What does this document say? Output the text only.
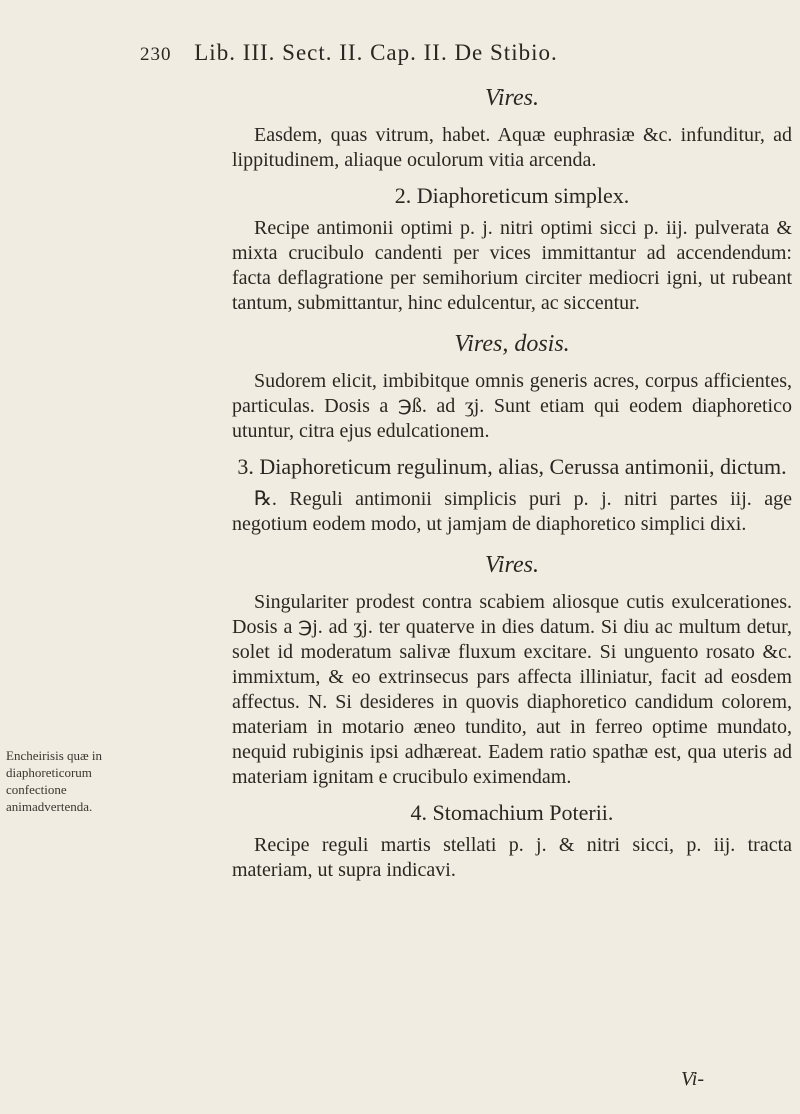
230 Lib. III. Sect. II. Cap. II. De Stibio.
Vires.

Easdem, quas vitrum, habet. Aquæ euphrasiæ &c. infunditur, ad lippitudinem, aliaque oculorum vitia arcenda.

2. Diaphoreticum simplex.

Recipe antimonii optimi p. j. nitri optimi sicci p. iij. pulverata & mixta crucibulo candenti per vices immittantur ad accendendum: facta deflagratione per semihorium circiter mediocri igni, ut rubeant tantum, submittantur, hinc edulcentur, ac siccentur.

Vires, dosis.

Sudorem elicit, imbibitque omnis generis acres, corpus afficientes, particulas. Dosis a ℈ß. ad ʒj. Sunt etiam qui eodem diaphoretico utuntur, citra ejus edulcationem.

3. Diaphoreticum regulinum, alias, Cerussa antimonii, dictum.

℞. Reguli antimonii simplicis puri p. j. nitri partes iij. age negotium eodem modo, ut jamjam de diaphoretico simplici dixi.

Vires.

Singulariter prodest contra scabiem aliosque cutis exulcerationes. Dosis a ℈j. ad ʒj. ter quaterve in dies datum. Si diu ac multum detur, solet id moderatum salivæ fluxum excitare. Si unguento rosato &c. immixtum, & eo extrinsecus pars affecta illiniatur, facit ad eosdem affectus. N. Si desideres in quovis diaphoretico candidum colorem, materiam in motario æneo tundito, aut in ferreo optime mundato, nequid rubiginis ipsi adhæreat. Eadem ratio spathæ est, qua uteris ad materiam ignitam e crucibulo eximendam.

4. Stomachium Poterii.

Recipe reguli martis stellati p. j. & nitri sicci, p. iij. tracta materiam, ut supra indicavi.

Encheirisis quæ in diaphoreticorum confectione animadvertenda.
Vi-
